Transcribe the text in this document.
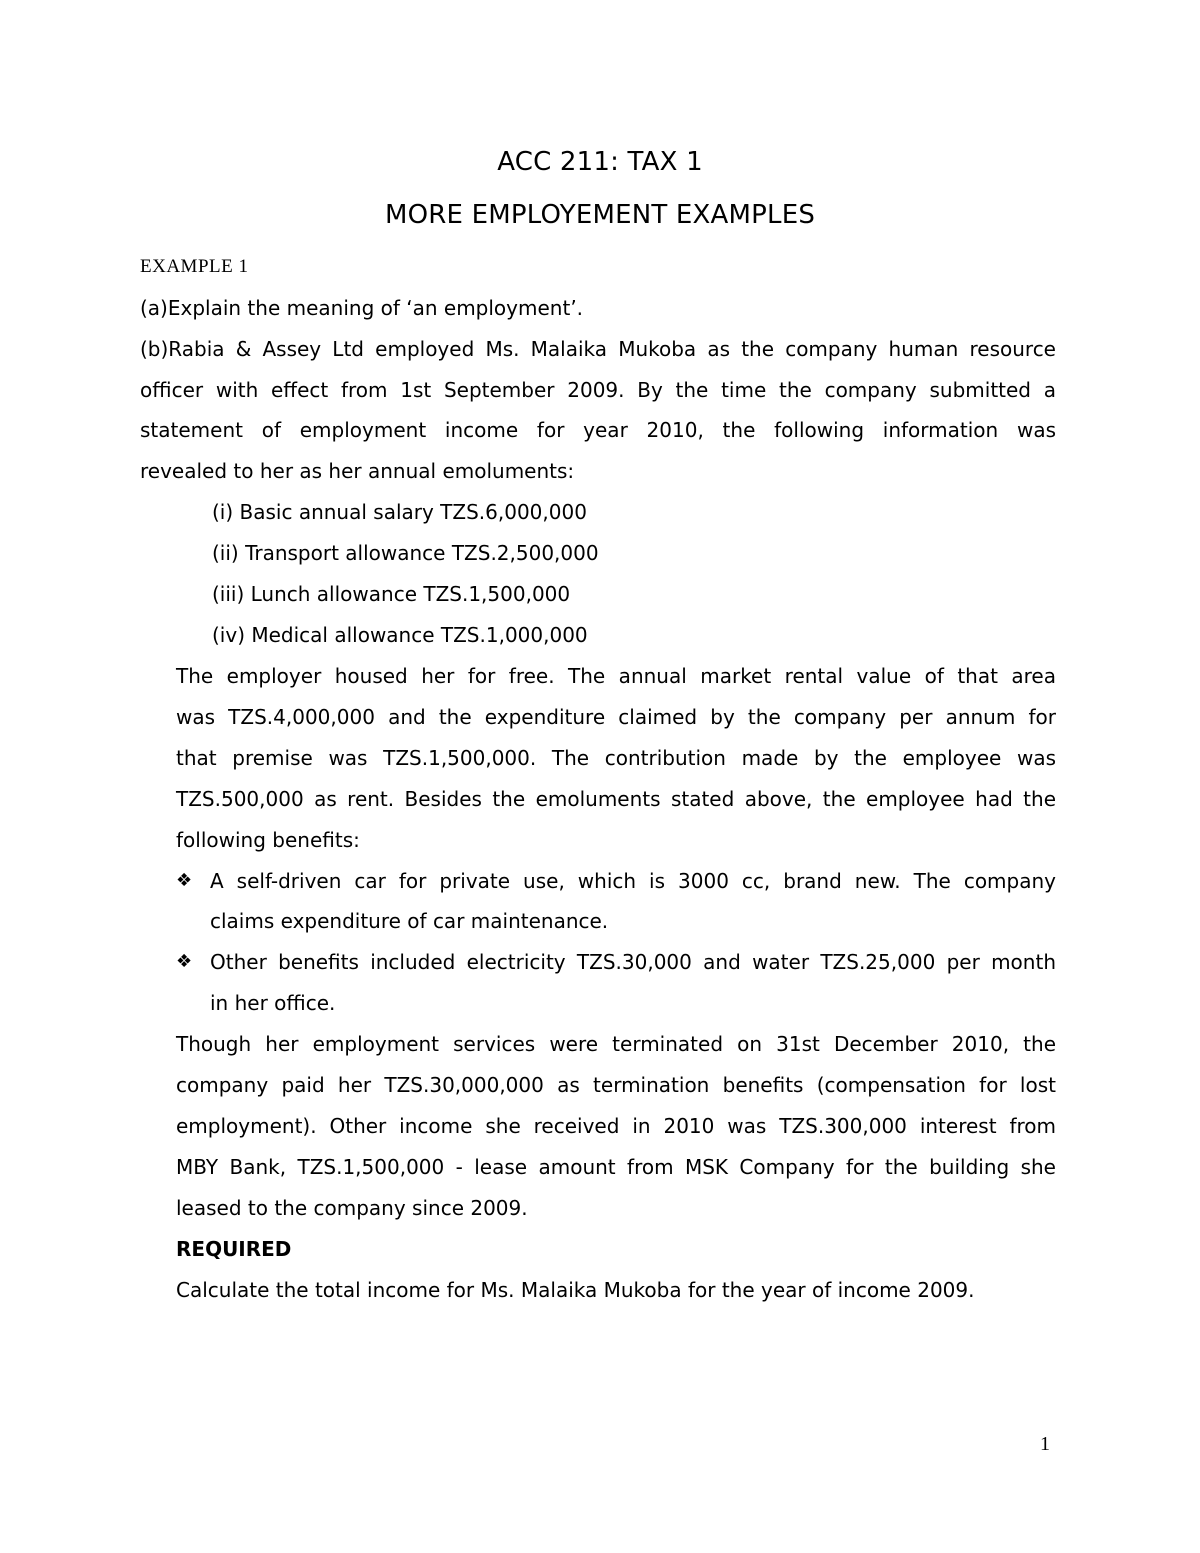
ACC 211: TAX 1
MORE EMPLOYEMENT EXAMPLES
EXAMPLE 1
(a)Explain the meaning of ‘an employment’.
(b)Rabia & Assey Ltd employed Ms. Malaika Mukoba as the company human resource
officer with effect from 1st September 2009. By the time the company submitted a
statement of employment income for year 2010, the following information was
revealed to her as her annual emoluments:
(i) Basic annual salary TZS.6,000,000
(ii) Transport allowance TZS.2,500,000
(iii) Lunch allowance TZS.1,500,000
(iv) Medical allowance TZS.1,000,000
The employer housed her for free. The annual market rental value of that area
was TZS.4,000,000 and the expenditure claimed by the company per annum for
that premise was TZS.1,500,000. The contribution made by the employee was
TZS.500,000 as rent. Besides the emoluments stated above, the employee had the
following benefits:
❖ A self-driven car for private use, which is 3000 cc, brand new. The company
claims expenditure of car maintenance.
❖ Other benefits included electricity TZS.30,000 and water TZS.25,000 per month
in her office.
Though her employment services were terminated on 31st December 2010, the
company paid her TZS.30,000,000 as termination benefits (compensation for lost
employment). Other income she received in 2010 was TZS.300,000 interest from
MBY Bank, TZS.1,500,000 - lease amount from MSK Company for the building she
leased to the company since 2009.
REQUIRED
Calculate the total income for Ms. Malaika Mukoba for the year of income 2009.
1
